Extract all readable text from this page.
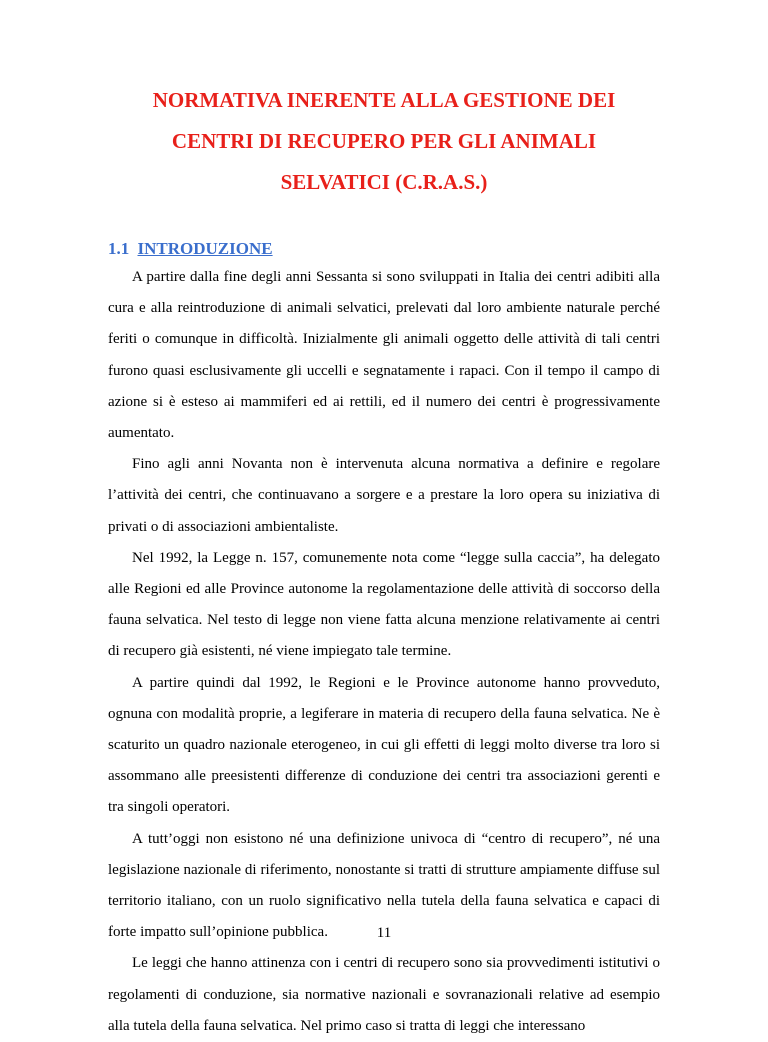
NORMATIVA INERENTE ALLA GESTIONE DEI
CENTRI DI RECUPERO PER GLI ANIMALI
SELVATICI (C.R.A.S.)
1.1 INTRODUZIONE

A partire dalla fine degli anni Sessanta si sono sviluppati in Italia dei centri adibiti alla cura e alla reintroduzione di animali selvatici, prelevati dal loro ambiente naturale perché feriti o comunque in difficoltà. Inizialmente gli animali oggetto delle attività di tali centri furono quasi esclusivamente gli uccelli e segnatamente i rapaci. Con il tempo il campo di azione si è esteso ai mammiferi ed ai rettili, ed il numero dei centri è progressivamente aumentato.

Fino agli anni Novanta non è intervenuta alcuna normativa a definire e regolare l’attività dei centri, che continuavano a sorgere e a prestare la loro opera su iniziativa di privati o di associazioni ambientaliste.

Nel 1992, la Legge n. 157, comunemente nota come “legge sulla caccia”, ha delegato alle Regioni ed alle Province autonome la regolamentazione delle attività di soccorso della fauna selvatica. Nel testo di legge non viene fatta alcuna menzione relativamente ai centri di recupero già esistenti, né viene impiegato tale termine.

A partire quindi dal 1992, le Regioni e le Province autonome hanno provveduto, ognuna con modalità proprie, a legiferare in materia di recupero della fauna selvatica. Ne è scaturito un quadro nazionale eterogeneo, in cui gli effetti di leggi molto diverse tra loro si assommano alle preesistenti differenze di conduzione dei centri tra associazioni gerenti e tra singoli operatori.

A tutt’oggi non esistono né una definizione univoca di “centro di recupero”, né una legislazione nazionale di riferimento, nonostante si tratti di strutture ampiamente diffuse sul territorio italiano, con un ruolo significativo nella tutela della fauna selvatica e capaci di forte impatto sull’opinione pubblica.

Le leggi che hanno attinenza con i centri di recupero sono sia provvedimenti istitutivi o regolamenti di conduzione, sia normative nazionali e sovranazionali relative ad esempio alla tutela della fauna selvatica. Nel primo caso si tratta di leggi che interessano

11
